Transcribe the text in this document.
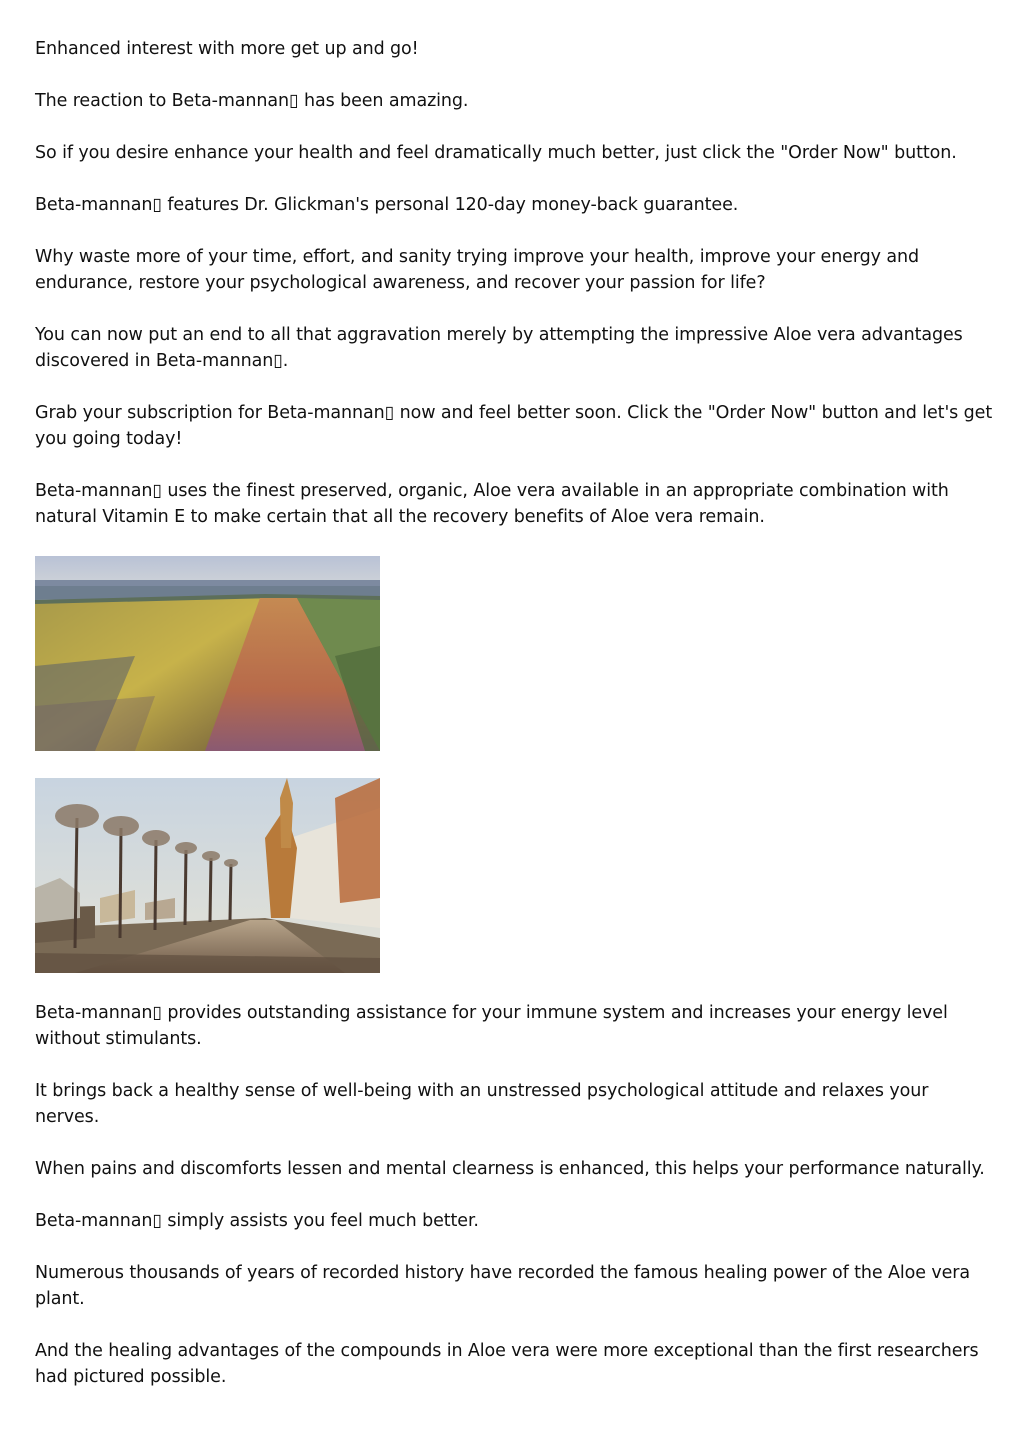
Enhanced interest with more get up and go!

The reaction to Beta-mannan▯ has been amazing.

So if you desire enhance your health and feel dramatically much better, just click the "Order Now" button.

Beta-mannan▯ features Dr. Glickman's personal 120-day money-back guarantee.

Why waste more of your time, effort, and sanity trying improve your health, improve your energy and endurance, restore your psychological awareness, and recover your passion for life?

You can now put an end to all that aggravation merely by attempting the impressive Aloe vera advantages discovered in Beta-mannan▯.

Grab your subscription for Beta-mannan▯ now and feel better soon. Click the "Order Now" button and let's get you going today!

Beta-mannan▯ uses the finest preserved, organic, Aloe vera available in an appropriate combination with natural Vitamin E to make certain that all the recovery benefits of Aloe vera remain.

Beta-mannan▯ provides outstanding assistance for your immune system and increases your energy level without stimulants.

It brings back a healthy sense of well-being with an unstressed psychological attitude and relaxes your nerves.

When pains and discomforts lessen and mental clearness is enhanced, this helps your performance naturally.

Beta-mannan▯ simply assists you feel much better.

Numerous thousands of years of recorded history have recorded the famous healing power of the Aloe vera plant.

And the healing advantages of the compounds in Aloe vera were more exceptional than the first researchers had pictured possible.
